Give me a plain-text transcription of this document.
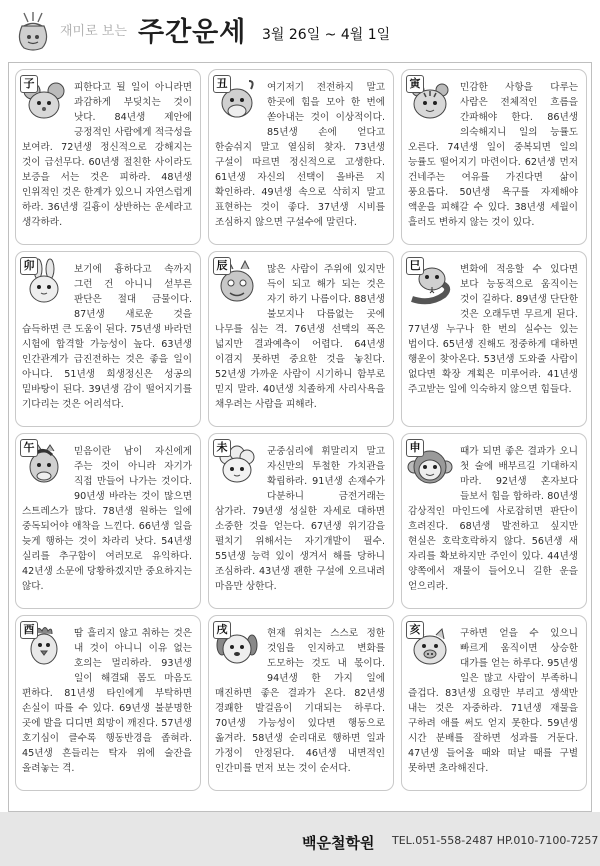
재미로 보는 주간운세 3월 26일 ~ 4월 1일
子	피한다고 될 일이 아니라면 과감하게 부딪치는 것이 낫다. 84년생 제안에 긍정적인 사람에게 적극성을 보여라. 72년생 정신적으로 강해지는 것이 급선무다. 60년생 절친한 사이라도 보증을 서는 것은 피하라. 48년생 인위적인 것은 한계가 있으니 자연스럽게 하라. 36년생 길흉이 상반하는 운세라고 생각하라.
丑	여기저기 전전하지 말고 한곳에 힘을 모아 한 번에 쏟아내는 것이 이상적이다. 85년생 손에 얻다고 한숨쉬지 말고 열심히 찾자. 73년생 구설이 따르면 정신적으로 고생한다. 61년생 자신의 선택이 올바른 지 확인하라. 49년생 속으로 삭히지 말고 표현하는 것이 좋다. 37년생 시비를 조심하지 않으면 구설수에 말린다.
寅	민감한 사항을 다루는 사람은 전체적인 흐름을 간파해야 한다. 86년생 의숙해지니 일의 능률도 오른다. 74년생 일이 중복되면 일의 능률도 떨어지기 마련이다. 62년생 먼저 건네주는 여유를 가진다면 삶이 풍요롭다. 50년생 욕구를 자제해야 액운을 피해갈 수 있다. 38년생 세월이 흘러도 변하지 않는 것이 있다.
卯	보기에 흉하다고 속까지 그런 건 아니니 섣부른 판단은 절대 금물이다. 87년생 새로운 것을 습득하면 큰 도움이 된다. 75년생 바라던 시험에 합격할 가능성이 높다. 63년생 인간관계가 급진전하는 것은 좋을 일이 아니다. 51년생 희생정신은 성공의 밑바탕이 된다. 39년생 감이 떨어지기를 기다리는 것은 어리석다.
辰	많은 사람이 주위에 있지만 득이 되고 해가 되는 것은 자기 하기 나름이다. 88년생 불모지나 다름없는 곳에 나무를 심는 격. 76년생 선택의 폭은 넓지만 결과예측이 어렵다. 64년생 이겸지 못하면 중요한 것을 놓친다. 52년생 가까운 사람이 시기하니 함부로 믿지 말라. 40년생 치졸하게 사리사욕을 채우려는 사람을 피해라.
巳	변화에 적응할 수 있다면 보다 능동적으로 움직이는 것이 길하다. 89년생 단단한 것은 오래두면 무르게 된다. 77년생 누구나 한 번의 실수는 있는 법이다. 65년생 진해도 정중하게 대하면 행운이 찾아온다. 53년생 도와줄 사람이 없다면 확장 계획은 미루어라. 41년생 주고받는 일에 익숙하지 않으면 힘들다.
午	믿음이란 남이 자신에게 주는 것이 아니라 자기가 직접 만들어 나가는 것이다. 90년생 바라는 것이 많으면 스트레스가 많다. 78년생 원하는 일에 중독되어야 애착을 느낀다. 66년생 일을 늦게 행하는 것이 차라리 낫다. 54년생 실리를 추구함이 여러모로 유익하다. 42년생 소문에 당황하겠지만 중요하지는 않다.
未	군중심리에 휘말리지 말고 자신만의 투철한 가치관을 확립하라. 91년생 손재수가 다분하니 금전거래는 삼가라. 79년생 성실한 자세로 대하면 소중한 것을 얻는다. 67년생 위기감을 펼치기 위해서는 자기개발이 필수. 55년생 능력 있이 생겨서 해를 당하니 조심하라. 43년생 괜한 구설에 오르내려 마음만 상한다.
申	때가 되면 좋은 결과가 오니 첫 술에 배부르길 기대하지 마라. 92년생 혼자보다 들보서 힘을 합하라. 80년생 감상적인 마인드에 사로잡히면 판단이 흐려진다. 68년생 발전하고 싶지만 현실은 호락호락하지 않다. 56년생 새 자리를 확보하지만 주인이 있다. 44년생 양쪽에서 재물이 들어오니 길한 운을 얻으리라.
酉	땀 흘리지 않고 취하는 것은 내 것이 아니니 이유 없는 호의는 멀리하라. 93년생 일이 해결돼 몸도 마음도 편하다. 81년생 타인에게 부탁하면 손실이 따를 수 있다. 69년생 불분명한 곳에 발을 디디면 희망이 깨진다. 57년생 호기심이 클수록 행동반경을 좁혀라. 45년생 흔들리는 탁자 위에 술잔을 올려놓는 격.
戌	현재 위치는 스스로 정한 것임을 인지하고 변화를 도모하는 것도 내 몫이다. 94년생 한 가지 일에 매진하면 좋은 결과가 온다. 82년생 경쾌한 발걸음이 기대되는 하루다. 70년생 가능성이 있다면 행동으로 옮겨라. 58년생 순리대로 행하면 일과 가정이 안정된다. 46년생 내면적인 인간미를 먼저 보는 것이 순서다.
亥	구하면 얻을 수 있으니 빠르게 움직이면 상승한 대가를 얻는 하루다. 95년생 일은 많고 사람이 부족하니 즐겁다. 83년생 요령만 부리고 생색만 내는 것은 자중하라. 71년생 재물을 구하려 애를 써도 얻지 못한다. 59년생 시간 분배를 잘하면 성과를 거둔다. 47년생 들어올 때와 떠날 때를 구별 못하면 초라해진다.
백운철학원 TEL.051-558-2487 HP.010-7100-7257
